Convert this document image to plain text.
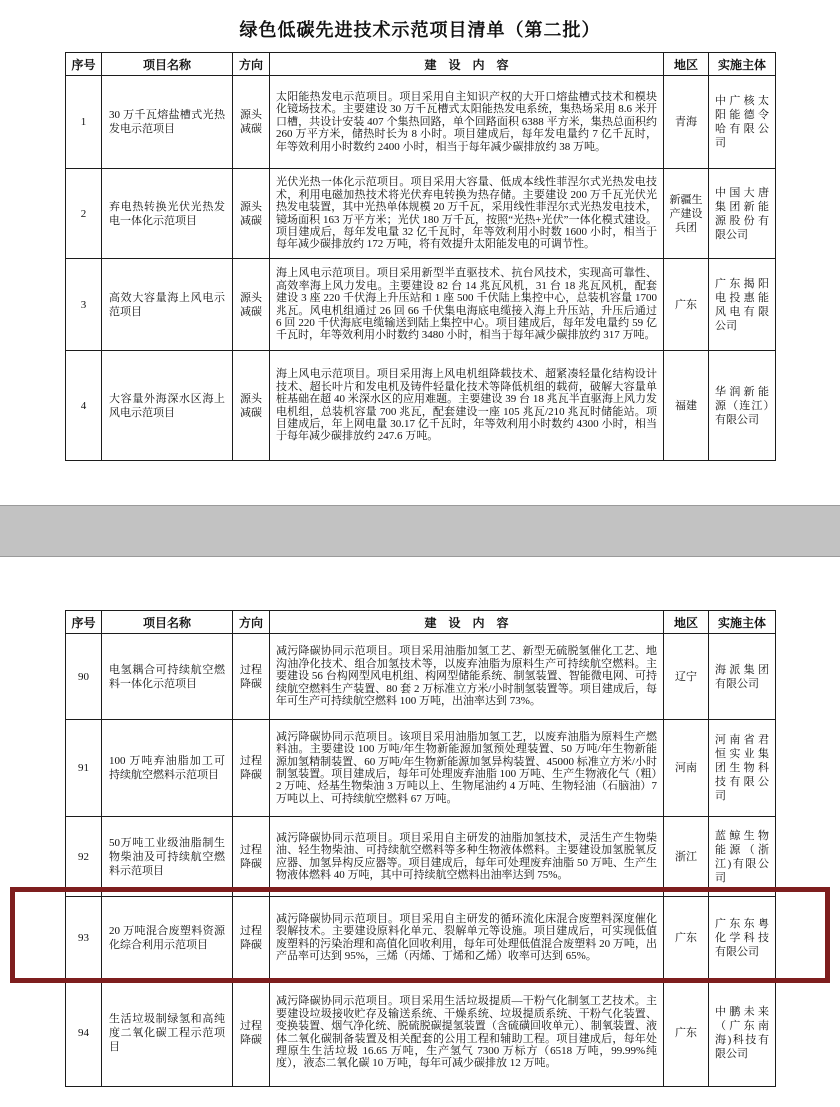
绿色低碳先进技术示范项目清单（第二批）
序号	项目名称	方向	建　设　内　容	地区	实施主体
1	30 万千瓦熔盐槽式光热发电示范项目	源头减碳	太阳能热发电示范项目。项目采用自主知识产权的大开口熔盐槽式技术和模块化镜场技术。主要建设 30 万千瓦槽式太阳能热发电系统，集热场采用 8.6 米开口槽，共设计安装 407 个集热回路，单个回路面积 6388 平方米，集热总面积约 260 万平方米，储热时长为 8 小时。项目建成后，每年发电量约 7 亿千瓦时，年等效利用小时数约 2400 小时，相当于每年减少碳排放约 38 万吨。	青海	中广核太阳能德令哈有限公司
2	弃电热转换光伏光热发电一体化示范项目	源头减碳	光伏光热一体化示范项目。项目采用大容量、低成本线性菲涅尔式光热发电技术，利用电磁加热技术将光伏弃电转换为热存储。主要建设 200 万千瓦光伏光热发电装置，其中光热单体规模 20 万千瓦，采用线性菲涅尔式光热发电技术，镜场面积 163 万平方米；光伏 180 万千瓦，按照“光热+光伏”一体化模式建设。项目建成后，每年发电量 32 亿千瓦时，年等效利用小时数 1600 小时，相当于每年减少碳排放约 172 万吨，将有效提升太阳能发电的可调节性。	新疆生产建设兵团	中国大唐集团新能源股份有限公司
3	高效大容量海上风电示范项目	源头减碳	海上风电示范项目。项目采用新型半直驱技术、抗台风技术，实现高可靠性、高效率海上风力发电。主要建设 82 台 14 兆瓦风机，31 台 18 兆瓦风机，配套建设 3 座 220 千伏海上升压站和 1 座 500 千伏陆上集控中心，总装机容量 1700 兆瓦。风电机组通过 26 回 66 千伏集电海底电缆接入海上升压站，升压后通过 6 回 220 千伏海底电缆输送到陆上集控中心。项目建成后，每年发电量约 59 亿千瓦时，年等效利用小时数约 3480 小时，相当于每年减少碳排放约 317 万吨。	广东	广东揭阳电投惠能风电有限公司
4	大容量外海深水区海上风电示范项目	源头减碳	海上风电示范项目。项目采用海上风电机组降载技术、超紧凑轻量化结构设计技术、超长叶片和发电机及铸件轻量化技术等降低机组的载荷，破解大容量单桩基础在超 40 米深水区的应用难题。主要建设 39 台 18 兆瓦半直驱海上风力发电机组，总装机容量 700 兆瓦，配套建设一座 105 兆瓦/210 兆瓦时储能站。项目建成后，年上网电量 30.17 亿千瓦时，年等效利用小时数约 4300 小时，相当于每年减少碳排放约 247.6 万吨。	福建	华润新能源（连江）有限公司
序号	项目名称	方向	建　设　内　容	地区	实施主体
90	电氢耦合可持续航空燃料一体化示范项目	过程降碳	减污降碳协同示范项目。项目采用油脂加氢工艺、新型无硫脱氢催化工艺、地沟油净化技术、组合加氢技术等，以废弃油脂为原料生产可持续航空燃料。主要建设 56 台构网型风电机组、构网型储能系统、制氢装置、智能微电网、可持续航空燃料生产装置、80 套 2 万标准立方米/小时制氢装置等。项目建成后，每年可生产可持续航空燃料 100 万吨，出油率达到 73%。	辽宁	海派集团有限公司
91	100 万吨弃油脂加工可持续航空燃料示范项目	过程降碳	减污降碳协同示范项目。该项目采用油脂加氢工艺，以废弃油脂为原料生产燃料油。主要建设 100 万吨/年生物新能源加氢预处理装置、50 万吨/年生物新能源加氢精制装置、60 万吨/年生物新能源加氢异构装置、45000 标准立方米/小时制氢装置。项目建成后，每年可处理废弃油脂 100 万吨、生产生物液化气（粗）2 万吨、烃基生物柴油 3 万吨以上、生物尾油约 4 万吨、生物轻油（石脑油）7 万吨以上、可持续航空燃料 67 万吨。	河南	河南省君恒实业集团生物科技有限公司
92	50万吨工业级油脂制生物柴油及可持续航空燃料示范项目	过程降碳	减污降碳协同示范项目。项目采用自主研发的油脂加氢技术，灵活生产生物柴油、轻生物柴油、可持续航空燃料等多种生物液体燃料。主要建设加氢脱氧反应器、加氢异构反应器等。项目建成后，每年可处理废弃油脂 50 万吨、生产生物液体燃料 40 万吨，其中可持续航空燃料出油率达到 75%。	浙江	蓝鲸生物能源（浙江)有限公司
93	20 万吨混合废塑料资源化综合利用示范项目	过程降碳	减污降碳协同示范项目。项目采用自主研发的循环流化床混合废塑料深度催化裂解技术。主要建设原料化单元、裂解单元等设施。项目建成后，可实现低值废塑料的污染治理和高值化回收利用，每年可处理低值混合废塑料 20 万吨，出产品率可达到 95%，三烯（丙烯、丁烯和乙烯）收率可达到 65%。	广东	广东东粤化学科技有限公司
94	生活垃圾制绿氢和高纯度二氧化碳工程示范项目	过程降碳	减污降碳协同示范项目。项目采用生活垃圾提质—干粉气化制氢工艺技术。主要建设垃圾接收贮存及输送系统、干燥系统、垃圾提质系统、干粉气化装置、变换装置、烟气净化统、脱硫脱碳提氢装置（含硫磺回收单元）、制氧装置、液体二氧化碳制备装置及相关配套的公用工程和辅助工程。项目建成后，每年处理原生生活垃圾 16.65 万吨，生产氢气 7300 万标方（6518 万吨，99.99%纯度），液态二氧化碳 10 万吨，每年可减少碳排放 12 万吨。	广东	中鹏未来（广东南海)科技有限公司
